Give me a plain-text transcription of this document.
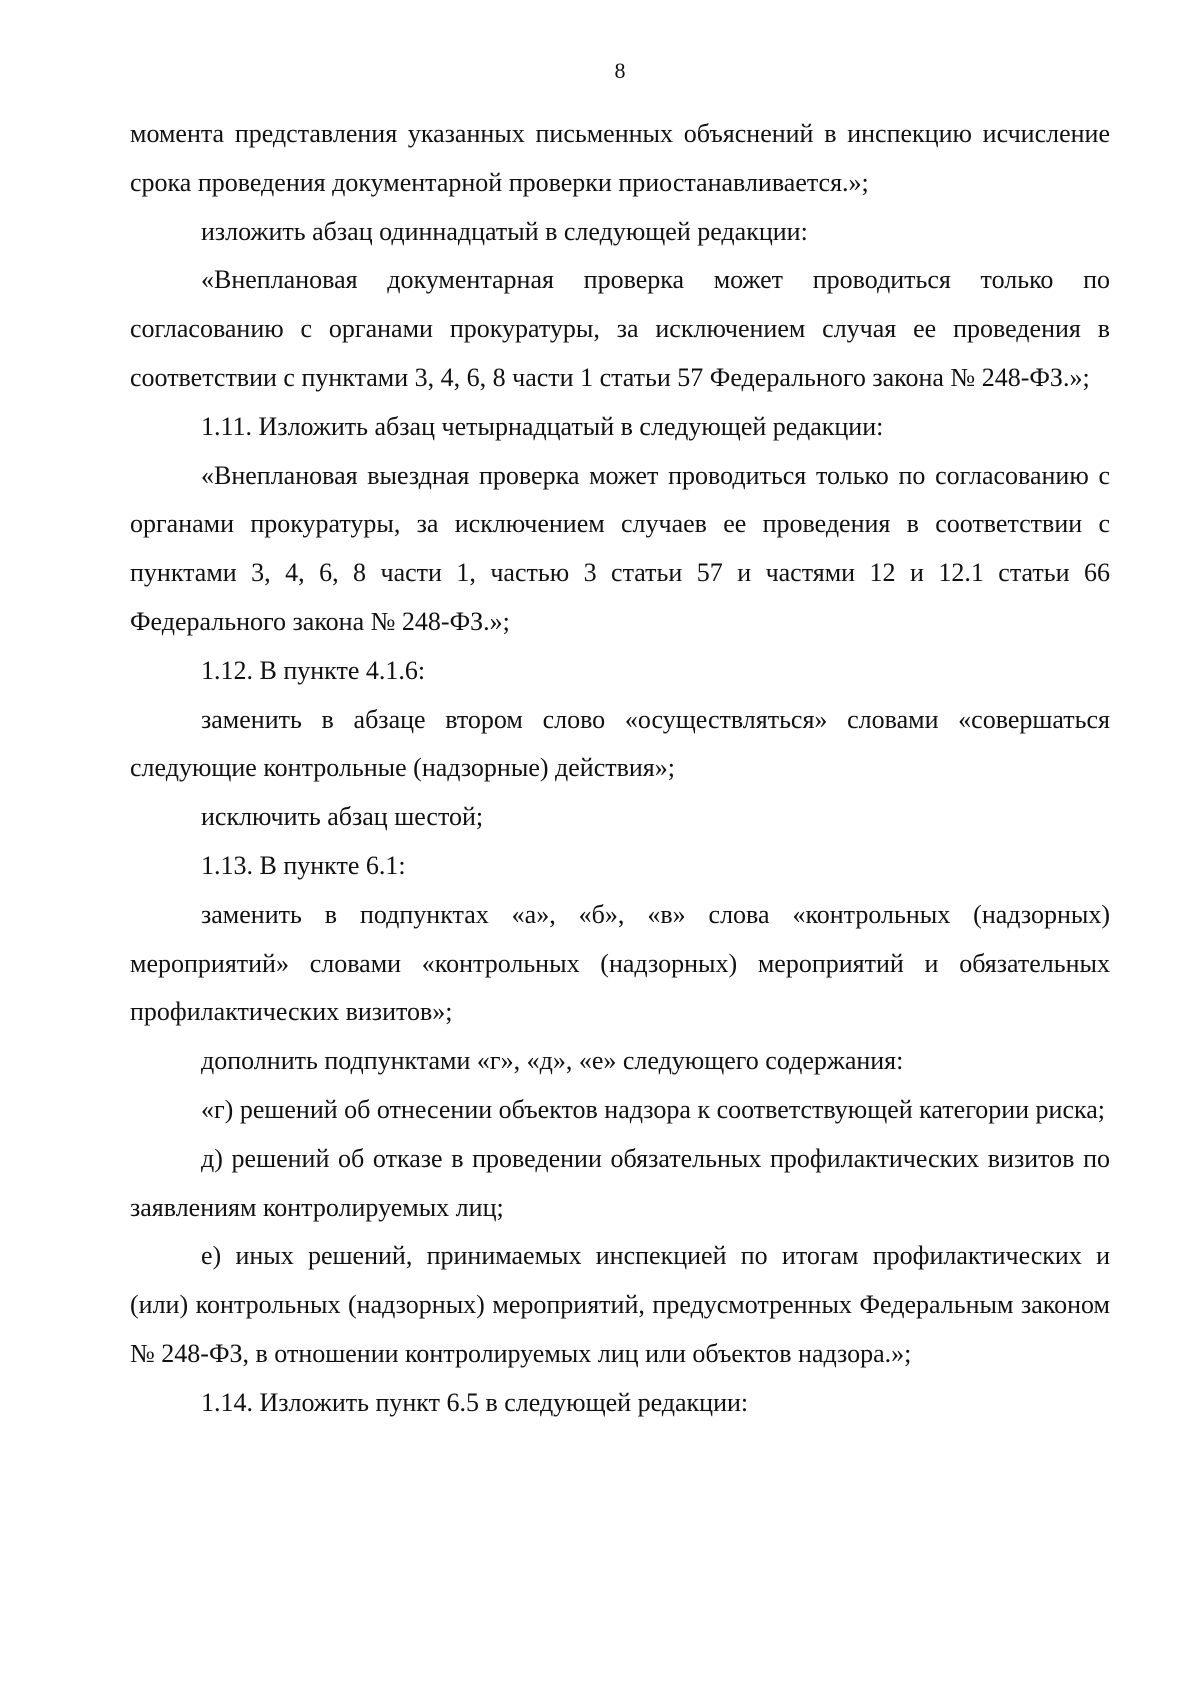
8

момента представления указанных письменных объяснений в инспекцию исчисление срока проведения документарной проверки приостанавливается.»;

изложить абзац одиннадцатый в следующей редакции:

«Внеплановая документарная проверка может проводиться только по согласованию с органами прокуратуры, за исключением случая ее проведения в соответствии с пунктами 3, 4, 6, 8 части 1 статьи 57 Федерального закона № 248-ФЗ.»;

1.11. Изложить абзац четырнадцатый в следующей редакции:

«Внеплановая выездная проверка может проводиться только по согласованию с органами прокуратуры, за исключением случаев ее проведения в соответствии с пунктами 3, 4, 6, 8 части 1, частью 3 статьи 57 и частями 12 и 12.1 статьи 66 Федерального закона № 248-ФЗ.»;

1.12. В пункте 4.1.6:

заменить в абзаце втором слово «осуществляться» словами «совершаться следующие контрольные (надзорные) действия»;

исключить абзац шестой;

1.13. В пункте 6.1:

заменить в подпунктах «а», «б», «в» слова «контрольных (надзорных) мероприятий» словами «контрольных (надзорных) мероприятий и обязательных профилактических визитов»;

дополнить подпунктами «г», «д», «е» следующего содержания:

«г) решений об отнесении объектов надзора к соответствующей категории риска;

д) решений об отказе в проведении обязательных профилактических визитов по заявлениям контролируемых лиц;

е) иных решений, принимаемых инспекцией по итогам профилактических и (или) контрольных (надзорных) мероприятий, предусмотренных Федеральным законом № 248-ФЗ, в отношении контролируемых лиц или объектов надзора.»;

1.14. Изложить пункт 6.5 в следующей редакции:
